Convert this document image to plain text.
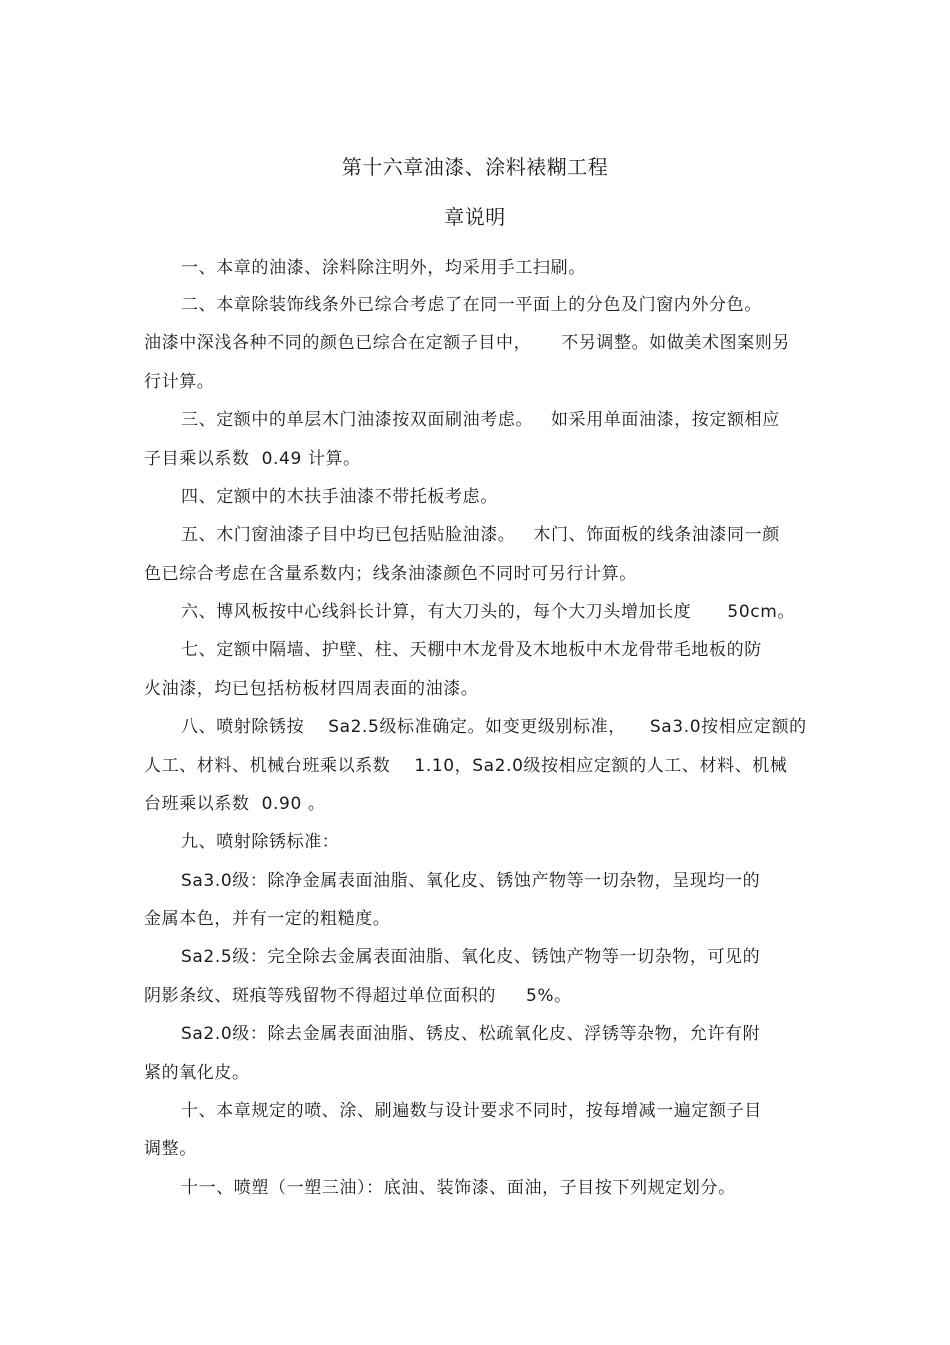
第十六章油漆、涂料裱糊工程
章说明
一、本章的油漆、涂料除注明外，均采用手工扫刷。
二、本章除装饰线条外已综合考虑了在同一平面上的分色及门窗内外分色。
油漆中深浅各种不同的颜色已综合在定额子目中，     不另调整。如做美术图案则另
行计算。
三、定额中的单层木门油漆按双面刷油考虑。   如采用单面油漆，按定额相应
子目乘以系数  0.49 计算。
四、定额中的木扶手油漆不带托板考虑。
五、木门窗油漆子目中均已包括贴脸油漆。   木门、饰面板的线条油漆同一颜
色已综合考虑在含量系数内；线条油漆颜色不同时可另行计算。
六、博风板按中心线斜长计算，有大刀头的，每个大刀头增加长度      50cm。
七、定额中隔墙、护壁、柱、天棚中木龙骨及木地板中木龙骨带毛地板的防
火油漆，均已包括枋板材四周表面的油漆。
八、喷射除锈按    Sa2.5级标准确定。如变更级别标准，    Sa3.0按相应定额的
人工、材料、机械台班乘以系数    1.10，Sa2.0级按相应定额的人工、材料、机械
台班乘以系数  0.90 。
九、喷射除锈标准：
Sa3.0级：除净金属表面油脂、氧化皮、锈蚀产物等一切杂物，呈现均一的
金属本色，并有一定的粗糙度。
Sa2.5级：完全除去金属表面油脂、氧化皮、锈蚀产物等一切杂物，可见的
阴影条纹、斑痕等残留物不得超过单位面积的     5%。
Sa2.0级：除去金属表面油脂、锈皮、松疏氧化皮、浮锈等杂物，允许有附
紧的氧化皮。
十、本章规定的喷、涂、刷遍数与设计要求不同时，按每增减一遍定额子目
调整。
十一、喷塑（一塑三油）：底油、装饰漆、面油，子目按下列规定划分。
